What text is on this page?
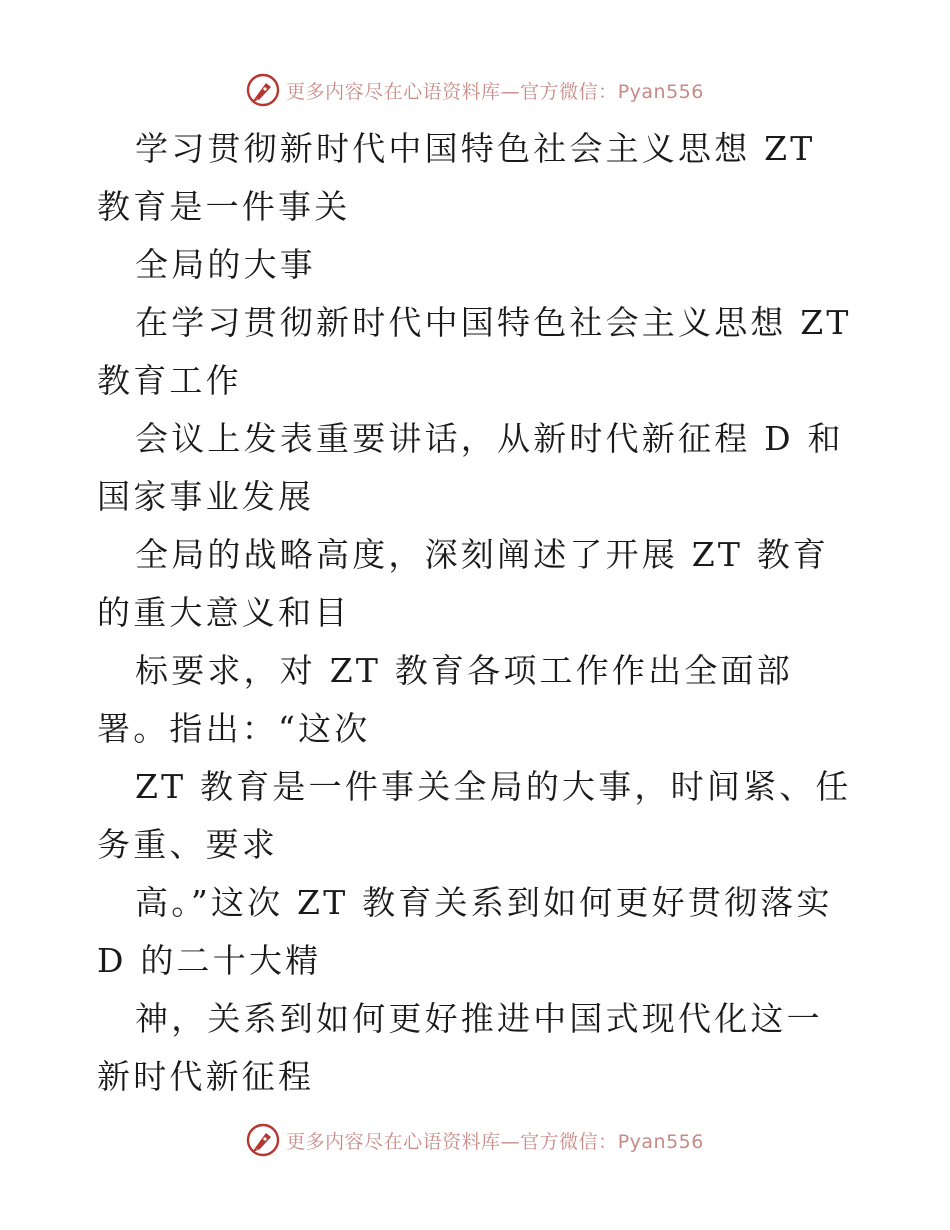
更多内容尽在心语资料库—官方微信：Pyan556

学习贯彻新时代中国特色社会主义思想 ZT 教育是一件事关

全局的大事

在学习贯彻新时代中国特色社会主义思想 ZT 教育工作

会议上发表重要讲话，从新时代新征程 D 和国家事业发展

全局的战略高度，深刻阐述了开展 ZT 教育的重大意义和目

标要求，对 ZT 教育各项工作作出全面部署。指出：“这次

ZT 教育是一件事关全局的大事，时间紧、任务重、要求

高。”这次 ZT 教育关系到如何更好贯彻落实 D 的二十大精

神，关系到如何更好推进中国式现代化这一新时代新征程

更多内容尽在心语资料库—官方微信：Pyan556
